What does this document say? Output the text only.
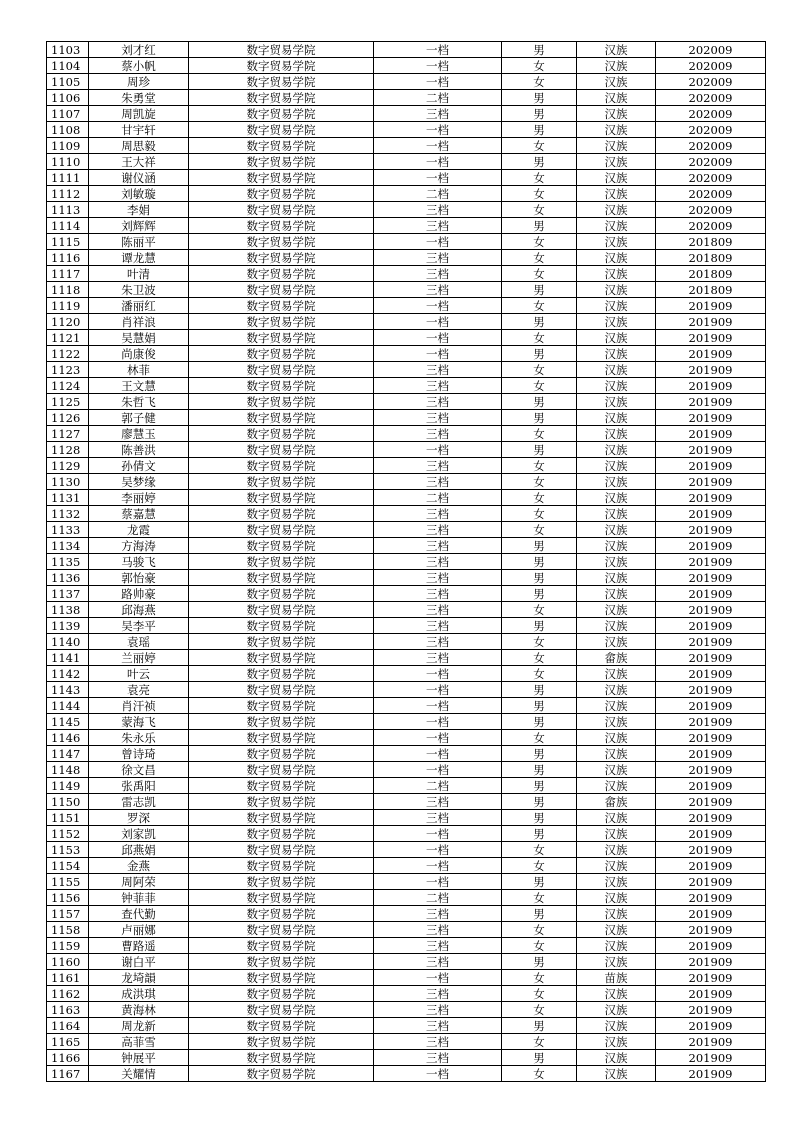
1103	刘才红	数字贸易学院	一档	男	汉族	202009
1104	蔡小帆	数字贸易学院	一档	女	汉族	202009
1105	周珍	数字贸易学院	一档	女	汉族	202009
1106	朱勇堂	数字贸易学院	二档	男	汉族	202009
1107	周凯旋	数字贸易学院	三档	男	汉族	202009
1108	甘宇轩	数字贸易学院	一档	男	汉族	202009
1109	周思毅	数字贸易学院	一档	女	汉族	202009
1110	王大祥	数字贸易学院	一档	男	汉族	202009
1111	谢仪涵	数字贸易学院	一档	女	汉族	202009
1112	刘敏璇	数字贸易学院	二档	女	汉族	202009
1113	李娟	数字贸易学院	三档	女	汉族	202009
1114	刘辉辉	数字贸易学院	三档	男	汉族	202009
1115	陈丽平	数字贸易学院	一档	女	汉族	201809
1116	谭龙慧	数字贸易学院	三档	女	汉族	201809
1117	叶清	数字贸易学院	三档	女	汉族	201809
1118	朱卫波	数字贸易学院	三档	男	汉族	201809
1119	潘丽红	数字贸易学院	一档	女	汉族	201909
1120	肖祥浪	数字贸易学院	一档	男	汉族	201909
1121	吴慧娟	数字贸易学院	一档	女	汉族	201909
1122	尚康俊	数字贸易学院	一档	男	汉族	201909
1123	林菲	数字贸易学院	三档	女	汉族	201909
1124	王文慧	数字贸易学院	三档	女	汉族	201909
1125	朱哲飞	数字贸易学院	三档	男	汉族	201909
1126	郭子健	数字贸易学院	三档	男	汉族	201909
1127	廖慧玉	数字贸易学院	三档	女	汉族	201909
1128	陈善洪	数字贸易学院	一档	男	汉族	201909
1129	孙倩文	数字贸易学院	三档	女	汉族	201909
1130	吴梦缘	数字贸易学院	三档	女	汉族	201909
1131	李丽婷	数字贸易学院	二档	女	汉族	201909
1132	蔡嘉慧	数字贸易学院	三档	女	汉族	201909
1133	龙霞	数字贸易学院	三档	女	汉族	201909
1134	方海涛	数字贸易学院	三档	男	汉族	201909
1135	马骏飞	数字贸易学院	三档	男	汉族	201909
1136	郭怡豪	数字贸易学院	三档	男	汉族	201909
1137	路帅豪	数字贸易学院	三档	男	汉族	201909
1138	邱海燕	数字贸易学院	三档	女	汉族	201909
1139	吴李平	数字贸易学院	三档	男	汉族	201909
1140	袁瑶	数字贸易学院	三档	女	汉族	201909
1141	兰丽婷	数字贸易学院	三档	女	畲族	201909
1142	叶云	数字贸易学院	一档	女	汉族	201909
1143	袁亮	数字贸易学院	一档	男	汉族	201909
1144	肖汗祯	数字贸易学院	一档	男	汉族	201909
1145	蒙海飞	数字贸易学院	一档	男	汉族	201909
1146	朱永乐	数字贸易学院	一档	女	汉族	201909
1147	曾诗琦	数字贸易学院	一档	男	汉族	201909
1148	徐文昌	数字贸易学院	一档	男	汉族	201909
1149	张禹阳	数字贸易学院	二档	男	汉族	201909
1150	雷志凯	数字贸易学院	三档	男	畲族	201909
1151	罗深	数字贸易学院	三档	男	汉族	201909
1152	刘家凯	数字贸易学院	一档	男	汉族	201909
1153	邱燕娟	数字贸易学院	一档	女	汉族	201909
1154	金燕	数字贸易学院	一档	女	汉族	201909
1155	周阿荣	数字贸易学院	一档	男	汉族	201909
1156	钟菲菲	数字贸易学院	二档	女	汉族	201909
1157	查代勤	数字贸易学院	三档	男	汉族	201909
1158	卢丽娜	数字贸易学院	三档	女	汉族	201909
1159	曹路遥	数字贸易学院	三档	女	汉族	201909
1160	谢白平	数字贸易学院	三档	男	汉族	201909
1161	龙埼韻	数字贸易学院	一档	女	苗族	201909
1162	成洪琪	数字贸易学院	三档	女	汉族	201909
1163	黄海林	数字贸易学院	三档	女	汉族	201909
1164	周龙新	数字贸易学院	三档	男	汉族	201909
1165	高菲雪	数字贸易学院	三档	女	汉族	201909
1166	钟展平	数字贸易学院	三档	男	汉族	201909
1167	关耀情	数字贸易学院	一档	女	汉族	201909
